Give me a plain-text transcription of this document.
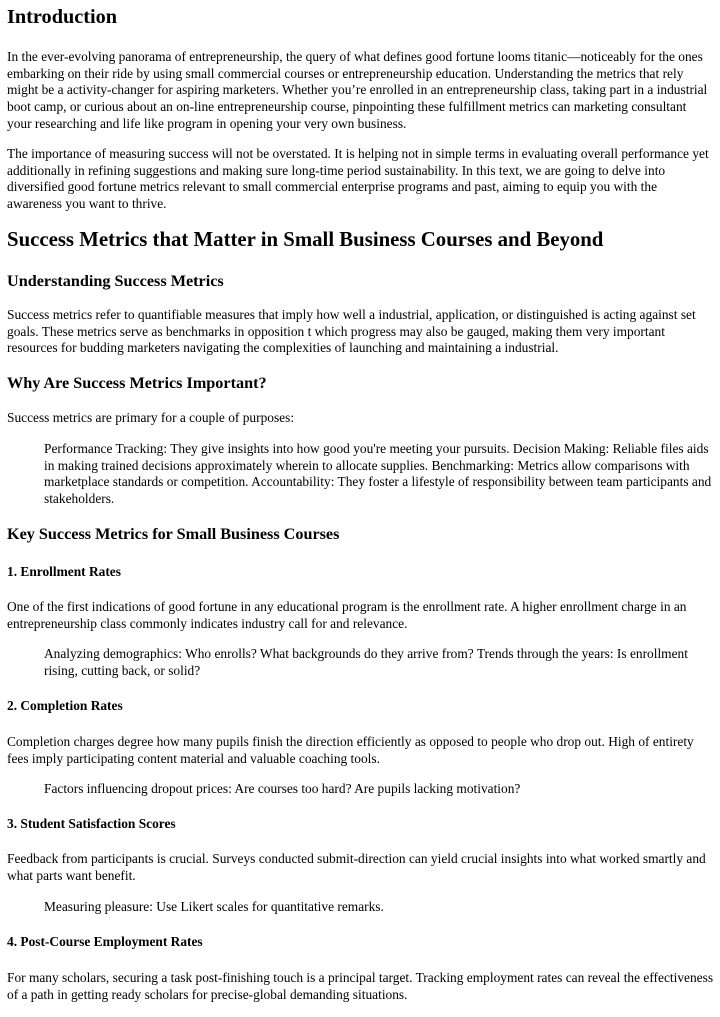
Introduction

In the ever-evolving panorama of entrepreneurship, the query of what defines good fortune looms titanic—noticeably for the ones embarking on their ride by using small commercial courses or entrepreneurship education. Understanding the metrics that rely might be a activity-changer for aspiring marketers. Whether you’re enrolled in an entrepreneurship class, taking part in a industrial boot camp, or curious about an on-line entrepreneurship course, pinpointing these fulfillment metrics can marketing consultant your researching and life like program in opening your very own business.

The importance of measuring success will not be overstated. It is helping not in simple terms in evaluating overall performance yet additionally in refining suggestions and making sure long-time period sustainability. In this text, we are going to delve into diversified good fortune metrics relevant to small commercial enterprise programs and past, aiming to equip you with the awareness you want to thrive.

Success Metrics that Matter in Small Business Courses and Beyond
Understanding Success Metrics

Success metrics refer to quantifiable measures that imply how well a industrial, application, or distinguished is acting against set goals. These metrics serve as benchmarks in opposition t which progress may also be gauged, making them very important resources for budding marketers navigating the complexities of launching and maintaining a industrial.

Why Are Success Metrics Important?

Success metrics are primary for a couple of purposes:

Performance Tracking: They give insights into how good you're meeting your pursuits. Decision Making: Reliable files aids in making trained decisions approximately wherein to allocate supplies. Benchmarking: Metrics allow comparisons with marketplace standards or competition. Accountability: They foster a lifestyle of responsibility between team participants and stakeholders.
Key Success Metrics for Small Business Courses
1. Enrollment Rates

One of the first indications of good fortune in any educational program is the enrollment rate. A higher enrollment charge in an entrepreneurship class commonly indicates industry call for and relevance.

Analyzing demographics: Who enrolls? What backgrounds do they arrive from? Trends through the years: Is enrollment rising, cutting back, or solid?
2. Completion Rates

Completion charges degree how many pupils finish the direction efficiently as opposed to people who drop out. High of entirety fees imply participating content material and valuable coaching tools.

Factors influencing dropout prices: Are courses too hard? Are pupils lacking motivation?
3. Student Satisfaction Scores

Feedback from participants is crucial. Surveys conducted submit-direction can yield crucial insights into what worked smartly and what parts want benefit.

Measuring pleasure: Use Likert scales for quantitative remarks.
4. Post-Course Employment Rates

For many scholars, securing a task post-finishing touch is a principal target. Tracking employment rates can reveal the effectiveness of a path in getting ready scholars for precise-global demanding situations.
